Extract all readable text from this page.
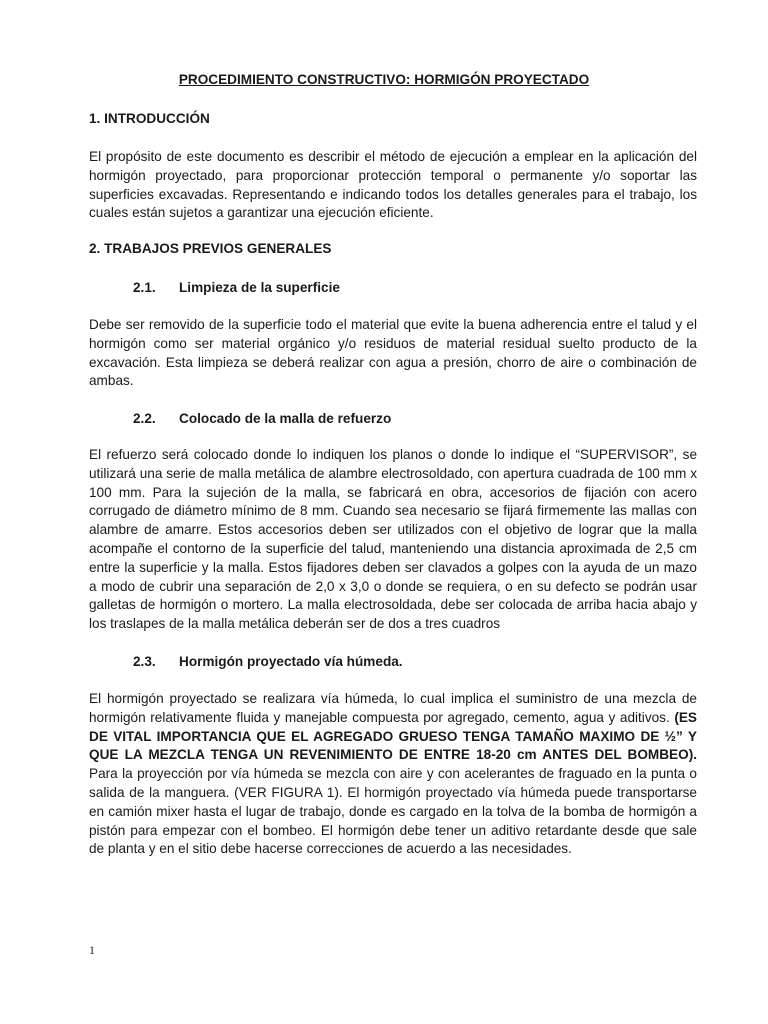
PROCEDIMIENTO CONSTRUCTIVO: HORMIGÓN PROYECTADO
1. INTRODUCCIÓN
El propósito de este documento es describir el método de ejecución a emplear en la aplicación del hormigón proyectado, para proporcionar protección temporal o permanente y/o soportar las superficies excavadas. Representando e indicando todos los detalles generales para el trabajo, los cuales están sujetos a garantizar una ejecución eficiente.
2. TRABAJOS PREVIOS GENERALES
2.1. Limpieza de la superficie
Debe ser removido de la superficie todo el material que evite la buena adherencia entre el talud y el hormigón como ser material orgánico y/o residuos de material residual suelto producto de la excavación. Esta limpieza se deberá realizar con agua a presión, chorro de aire o combinación de ambas.
2.2. Colocado de la malla de refuerzo
El refuerzo será colocado donde lo indiquen los planos o donde lo indique el “SUPERVISOR”, se utilizará una serie de malla metálica de alambre electrosoldado, con apertura cuadrada de 100 mm x 100 mm. Para la sujeción de la malla, se fabricará en obra, accesorios de fijación con acero corrugado de diámetro mínimo de 8 mm. Cuando sea necesario se fijará firmemente las mallas con alambre de amarre. Estos accesorios deben ser utilizados con el objetivo de lograr que la malla acompañe el contorno de la superficie del talud, manteniendo una distancia aproximada de 2,5 cm entre la superficie y la malla. Estos fijadores deben ser clavados a golpes con la ayuda de un mazo a modo de cubrir una separación de 2,0 x 3,0 o donde se requiera, o en su defecto se podrán usar galletas de hormigón o mortero. La malla electrosoldada, debe ser colocada de arriba hacia abajo y los traslapes de la malla metálica deberán ser de dos a tres cuadros
2.3. Hormigón proyectado vía húmeda.
El hormigón proyectado se realizara vía húmeda, lo cual implica el suministro de una mezcla de hormigón relativamente fluida y manejable compuesta por agregado, cemento, agua y aditivos. (ES DE VITAL IMPORTANCIA QUE EL AGREGADO GRUESO TENGA TAMAÑO MAXIMO DE ½” Y QUE LA MEZCLA TENGA UN REVENIMIENTO DE ENTRE 18-20 cm ANTES DEL BOMBEO). Para la proyección por vía húmeda se mezcla con aire y con acelerantes de fraguado en la punta o salida de la manguera. (VER FIGURA 1). El hormigón proyectado vía húmeda puede transportarse en camión mixer hasta el lugar de trabajo, donde es cargado en la tolva de la bomba de hormigón a pistón para empezar con el bombeo. El hormigón debe tener un aditivo retardante desde que sale de planta y en el sitio debe hacerse correcciones de acuerdo a las necesidades.
1
